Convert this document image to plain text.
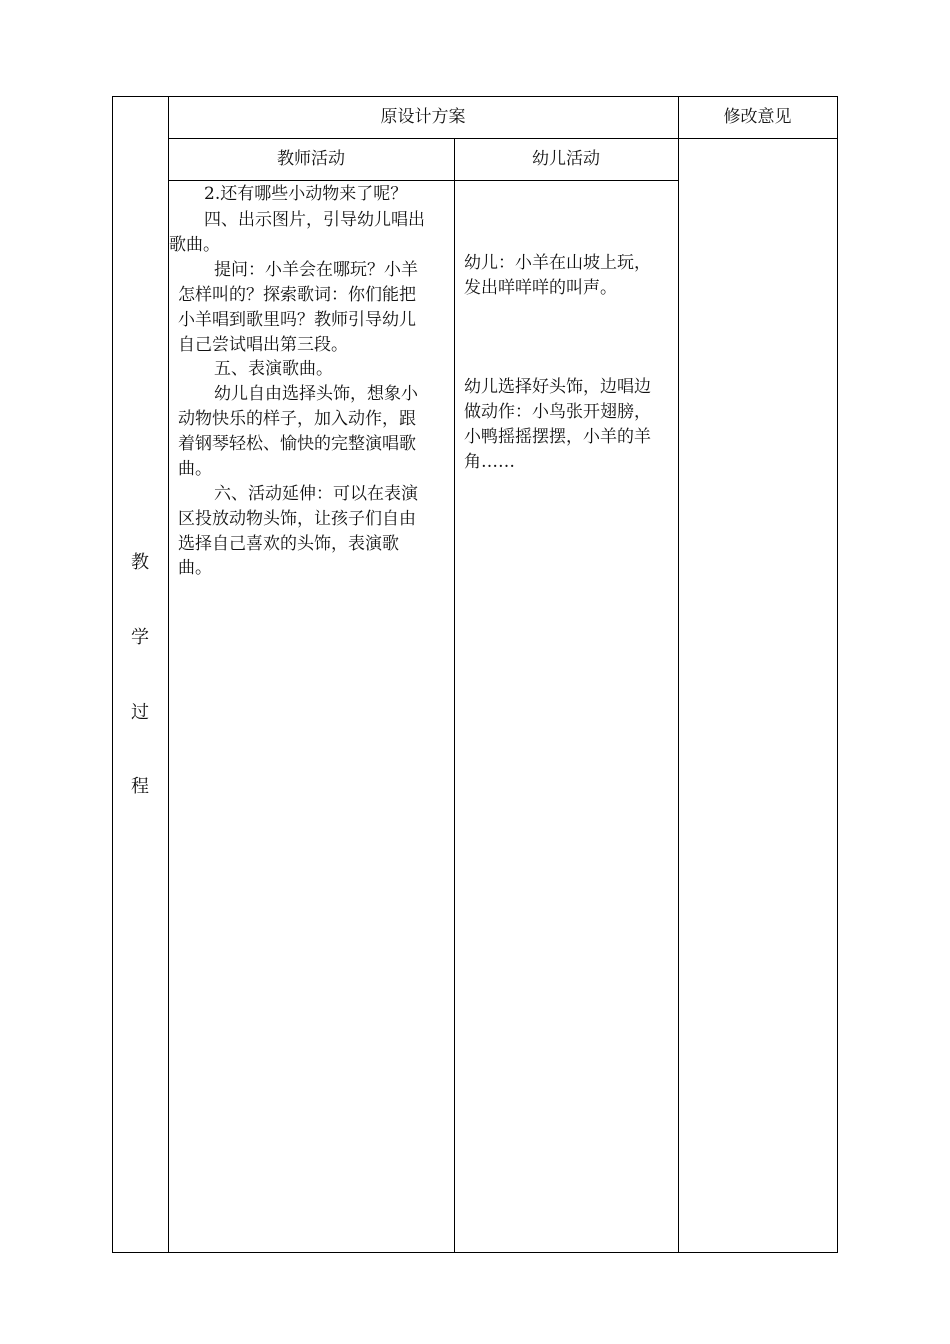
原设计方案	修改意见
教师活动	幼儿活动
教
学
过
程
2.还有哪些小动物来了呢？
四、出示图片，引导幼儿唱出
歌曲。
提问：小羊会在哪玩？小羊
怎样叫的？探索歌词：你们能把
小羊唱到歌里吗？教师引导幼儿
自己尝试唱出第三段。
五、表演歌曲。
幼儿自由选择头饰，想象小
动物快乐的样子，加入动作，跟
着钢琴轻松、愉快的完整演唱歌
曲。
六、活动延伸：可以在表演
区投放动物头饰，让孩子们自由
选择自己喜欢的头饰，表演歌
曲。
幼儿：小羊在山坡上玩，
发出咩咩咩的叫声。
幼儿选择好头饰，边唱边
做动作：小鸟张开翅膀，
小鸭摇摇摆摆，小羊的羊
角……
